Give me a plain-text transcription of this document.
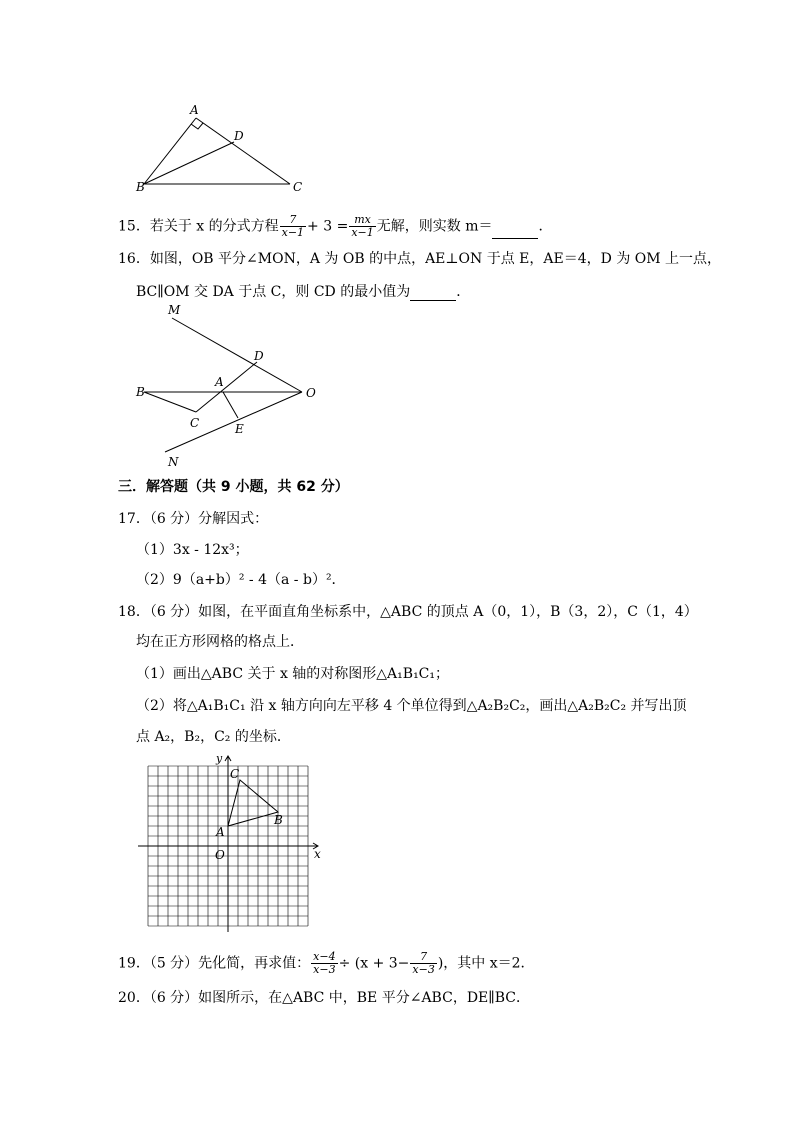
A
D
B	C
15．若关于 x 的分式方程 $\frac{7}{x-1} + 3 = \frac{mx}{x-1}$ 无解，则实数 m＝	．
16．如图，OB 平分∠MON，A 为 OB 的中点，AE⊥ON 于点 E，AE＝4，D 为 OM 上一点，
BC∥OM 交 DA 于点 C，则 CD 的最小值为	．
M
D
B
A
O
C	E
N
三．解答题（共 9 小题，共 62 分）
17．（6 分）分解因式：
（1）3x - 12x³；
（2）9（a+b）² - 4（a - b）²．
18．（6 分）如图，在平面直角坐标系中，△ABC 的顶点 A（0，1），B（3，2），C（1，4）
均在正方形网格的格点上．
（1）画出△ABC 关于 x 轴的对称图形△A₁B₁C₁；
（2）将△A₁B₁C₁ 沿 x 轴方向向左平移 4 个单位得到△A₂B₂C₂，画出△A₂B₂C₂ 并写出顶
点 A₂，B₂，C₂ 的坐标．
x
y
O
A
B
C
19．（5 分）先化简，再求值： $\frac{x-4}{x-3} \div (x + 3- \frac{7}{x-3}$ )，其中 x＝2．
20．（6 分）如图所示，在△ABC 中，BE 平分∠ABC，DE∥BC．
